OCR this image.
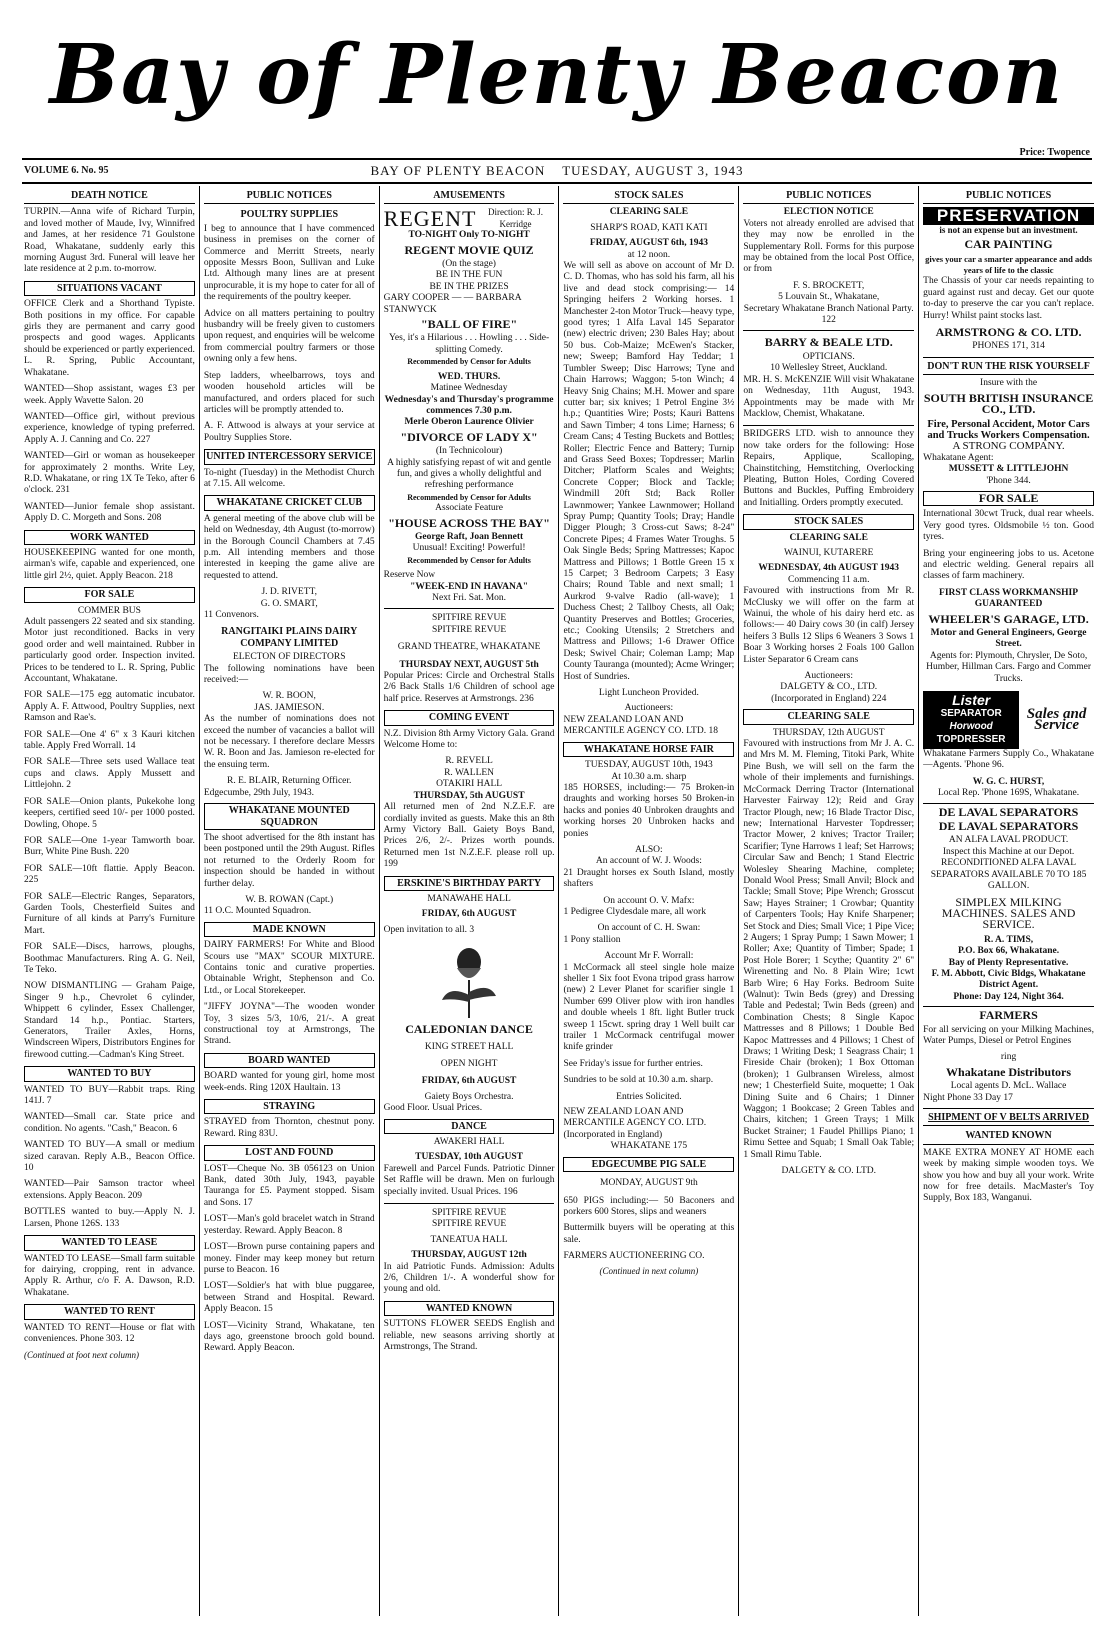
Bay of Plenty Beacon
VOLUME 6. No. 95	BAY OF PLENTY BEACON TUESDAY, AUGUST 3, 1943
Price: Twopence
DEATH NOTICE

TURPIN.—Anna wife of Richard Turpin, and loved mother of Maude, Ivy, Winnifred and James, at her residence 71 Goulstone Road, Whakatane, suddenly early this morning August 3rd. Funeral will leave her late residence at 2 p.m. to-morrow.

SITUATIONS VACANT

OFFICE Clerk and a Shorthand Typiste. Both positions in my office. For capable girls they are permanent and carry good prospects and good wages. Applicants should be experienced or partly experienced. L. R. Spring, Public Accountant, Whakatane.

WANTED—Shop assistant, wages £3 per week. Apply Wavette Salon. 20

WANTED—Office girl, without previous experience, knowledge of typing preferred. Apply A. J. Canning and Co. 227

WANTED—Girl or woman as housekeeper for approximately 2 months. Write Ley, R.D. Whakatane, or ring 1X Te Teko, after 6 o'clock. 231

WANTED—Junior female shop assistant. Apply D. C. Morgeth and Sons. 208

WORK WANTED

HOUSEKEEPING wanted for one month, airman's wife, capable and experienced, one little girl 2½, quiet. Apply Beacon. 218

FOR SALE
COMMER BUS

Adult passengers 22 seated and six standing. Motor just reconditioned. Backs in very good order and well maintained. Rubber in particularly good order. Inspection invited. Prices to be tendered to L. R. Spring, Public Accountant, Whakatane.

FOR SALE—175 egg automatic incubator. Apply A. F. Attwood, Poultry Supplies, next Ramson and Rae's.

FOR SALE—One 4' 6" x 3 Kauri kitchen table. Apply Fred Worrall. 14

FOR SALE—Three sets used Wallace teat cups and claws. Apply Mussett and Littlejohn. 2

FOR SALE—Onion plants, Pukekohe long keepers, certified seed 10/- per 1000 posted. Dowling, Ohope. 5

FOR SALE—One 1-year Tamworth boar. Burr, White Pine Bush. 220

FOR SALE—10ft flattie. Apply Beacon. 225

FOR SALE—Electric Ranges, Separators, Garden Tools, Chesterfield Suites and Furniture of all kinds at Parry's Furniture Mart.

FOR SALE—Discs, harrows, ploughs, Boothmac Manufacturers. Ring A. G. Neil, Te Teko.

NOW DISMANTLING — Graham Paige, Singer 9 h.p., Chevrolet 6 cylinder, Whippett 6 cylinder, Essex Challenger, Standard 14 h.p., Pontiac. Starters, Generators, Trailer Axles, Horns, Windscreen Wipers, Distributors Engines for firewood cutting.—Cadman's King Street.

WANTED TO BUY

WANTED TO BUY—Rabbit traps. Ring 141J. 7

WANTED—Small car. State price and condition. No agents. "Cash," Beacon. 6

WANTED TO BUY—A small or medium sized caravan. Reply A.B., Beacon Office. 10

WANTED—Pair Samson tractor wheel extensions. Apply Beacon. 209

BOTTLES wanted to buy.—Apply N. J. Larsen, Phone 126S. 133

WANTED TO LEASE

WANTED TO LEASE—Small farm suitable for dairying, cropping, rent in advance. Apply R. Arthur, c/o F. A. Dawson, R.D. Whakatane.

WANTED TO RENT

WANTED TO RENT—House or flat with conveniences. Phone 303. 12

(Continued at foot next column)
PUBLIC NOTICES
POULTRY SUPPLIES

I beg to announce that I have commenced business in premises on the corner of Commerce and Merritt Streets, nearly opposite Messrs Boon, Sullivan and Luke Ltd. Although many lines are at present unprocurable, it is my hope to cater for all of the requirements of the poultry keeper.

Advice on all matters pertaining to poultry husbandry will be freely given to customers upon request, and enquiries will be welcome from commercial poultry farmers or those owning only a few hens.

Step ladders, wheelbarrows, toys and wooden household articles will be manufactured, and orders placed for such articles will be promptly attended to.

A. F. Attwood is always at your service at Poultry Supplies Store.

UNITED INTERCESSORY SERVICE

To-night (Tuesday) in the Methodist Church at 7.15. All welcome.

WHAKATANE CRICKET CLUB

A general meeting of the above club will be held on Wednesday, 4th August (to-morrow) in the Borough Council Chambers at 7.45 p.m. All intending members and those interested in keeping the game alive are requested to attend.

J. D. RIVETT,
G. O. SMART,
11 Convenors.
RANGITAIKI PLAINS DAIRY COMPANY LIMITED
ELECTON OF DIRECTORS

The following nominations have been received:—

W. R. BOON,
JAS. JAMIESON.

As the number of nominations does not exceed the number of vacancies a ballot will not be necessary. I therefore declare Messrs W. R. Boon and Jas. Jamieson re-elected for the ensuing term.

R. E. BLAIR, Returning Officer.
Edgecumbe, 29th July, 1943.
WHAKATANE MOUNTED SQUADRON

The shoot advertised for the 8th instant has been postponed until the 29th August. Rifles not returned to the Orderly Room for inspection should be handed in without further delay.

W. B. ROWAN (Capt.)
11 O.C. Mounted Squadron.
MADE KNOWN

DAIRY FARMERS! For White and Blood Scours use "MAX" SCOUR MIXTURE. Contains tonic and curative properties. Obtainable Wright, Stephenson and Co. Ltd., or Local Storekeeper.

"JIFFY JOYNA"—The wooden wonder Toy, 3 sizes 5/3, 10/6, 21/-. A great constructional toy at Armstrongs, The Strand.

BOARD WANTED

BOARD wanted for young girl, home most week-ends. Ring 120X Haultain. 13

STRAYING

STRAYED from Thornton, chestnut pony. Reward. Ring 83U.

LOST AND FOUND

LOST—Cheque No. 3B 056123 on Union Bank, dated 30th July, 1943, payable Tauranga for £5. Payment stopped. Sisam and Sons. 17

LOST—Man's gold bracelet watch in Strand yesterday. Reward. Apply Beacon. 8

LOST—Brown purse containing papers and money. Finder may keep money but return purse to Beacon. 16

LOST—Soldier's hat with blue puggaree, between Strand and Hospital. Reward. Apply Beacon. 15

LOST—Vicinity Strand, Whakatane, ten days ago, greenstone brooch gold bound. Reward. Apply Beacon.

AMUSEMENTS
REGENT	Direction: R. J. Kerridge
TO-NIGHT Only TO-NIGHT
REGENT MOVIE QUIZ
(On the stage)
BE IN THE FUN
BE IN THE PRIZES
GARY COOPER — — BARBARA STANWYCK
"BALL OF FIRE"
Yes, it's a Hilarious . . . Howling . . . Side-splitting Comedy.
Recommended by Censor for Adults
WED. THURS.
Matinee Wednesday
Wednesday's and Thursday's programme commences 7.30 p.m.
Merle Oberon Laurence Olivier
"DIVORCE OF LADY X"
(In Technicolour)
A highly satisfying repast of wit and gentle fun, and gives a wholly delightful and refreshing performance
Recommended by Censor for Adults
Associate Feature
"HOUSE ACROSS THE BAY"
George Raft, Joan Bennett
Unusual! Exciting! Powerful!
Recommended by Censor for Adults
Reserve Now
"WEEK-END IN HAVANA"
Next Fri. Sat. Mon.
SPITFIRE REVUE
SPITFIRE REVUE
GRAND THEATRE, WHAKATANE
THURSDAY NEXT, AUGUST 5th

Popular Prices: Circle and Orchestral Stalls 2/6 Back Stalls 1/6 Children of school age half price. Reserves at Armstrongs. 236

COMING EVENT

N.Z. Division 8th Army Victory Gala. Grand Welcome Home to:

R. REVELL
R. WALLEN
OTAKIRI HALL
THURSDAY, 5th AUGUST

All returned men of 2nd N.Z.E.F. are cordially invited as guests. Make this an 8th Army Victory Ball. Gaiety Boys Band, Prices 2/6, 2/-. Prizes worth pounds. Returned men 1st N.Z.E.F. please roll up. 199

ERSKINE'S BIRTHDAY PARTY
MANAWAHE HALL
FRIDAY, 6th AUGUST
Open invitation to all. 3
CALEDONIAN DANCE
KING STREET HALL
OPEN NIGHT
FRIDAY, 6th AUGUST
Gaiety Boys Orchestra.
Good Floor. Usual Prices.
DANCE
AWAKERI HALL
TUESDAY, 10th AUGUST

Farewell and Parcel Funds. Patriotic Dinner Set Raffle will be drawn. Men on furlough specially invited. Usual Prices. 196

SPITFIRE REVUE
SPITFIRE REVUE
TANEATUA HALL
THURSDAY, AUGUST 12th

In aid Patriotic Funds. Admission: Adults 2/6, Children 1/-. A wonderful show for young and old.

WANTED KNOWN

SUTTONS FLOWER SEEDS English and reliable, new seasons arriving shortly at Armstrongs, The Strand.

STOCK SALES
CLEARING SALE
SHARP'S ROAD, KATI KATI
FRIDAY, AUGUST 6th, 1943
at 12 noon.

We will sell as above on account of Mr D. C. D. Thomas, who has sold his farm, all his live and dead stock comprising:— 14 Springing heifers 2 Working horses. 1 Manchester 2-ton Motor Truck—heavy type, good tyres; 1 Alfa Laval 145 Separator (new) electric driven; 230 Bales Hay; about 50 bus. Cob-Maize; McEwen's Stacker, new; Sweep; Bamford Hay Teddar; 1 Tumbler Sweep; Disc Harrows; Tyne and Chain Harrows; Waggon; 5-ton Winch; 4 Heavy Snig Chains; M.H. Mower and spare cutter bar; six knives; 1 Petrol Engine 3½ h.p.; Quantities Wire; Posts; Kauri Battens and Sawn Timber; 4 tons Lime; Harness; 6 Cream Cans; 4 Testing Buckets and Bottles; Roller; Electric Fence and Battery; Turnip and Grass Seed Boxes; Topdresser; Marlin Ditcher; Platform Scales and Weights; Concrete Copper; Block and Tackle; Windmill 20ft Std; Back Roller Lawnmower; Yankee Lawnmower; Holland Spray Pump; Quantity Tools; Dray; Handle Digger Plough; 3 Cross-cut Saws; 8-24" Concrete Pipes; 4 Frames Water Troughs. 5 Oak Single Beds; Spring Mattresses; Kapoc Mattress and Pillows; 1 Bottle Green 15 x 15 Carpet; 3 Bedroom Carpets; 3 Easy Chairs; Round Table and next small; 1 Aurkrod 9-valve Radio (all-wave); 1 Duchess Chest; 2 Tallboy Chests, all Oak; Quantity Preserves and Bottles; Groceries, etc.; Cooking Utensils; 2 Stretchers and Mattress and Pillows; 1-6 Drawer Office Desk; Swivel Chair; Coleman Lamp; Map County Tauranga (mounted); Acme Wringer; Host of Sundries.

Light Luncheon Provided.
Auctioneers:
NEW ZEALAND LOAN AND MERCANTILE AGENCY CO. LTD. 18
WHAKATANE HORSE FAIR
TUESDAY, AUGUST 10th, 1943
At 10.30 a.m. sharp

185 HORSES, including:— 75 Broken-in draughts and working horses 50 Broken-in hacks and ponies 40 Unbroken draughts and working horses 20 Unbroken hacks and ponies

ALSO:
An account of W. J. Woods:

21 Draught horses ex South Island, mostly shafters

On account O. V. Mafx:

1 Pedigree Clydesdale mare, all work

On account of C. H. Swan:

1 Pony stallion

Account Mr F. Worrall:

1 McCormack all steel single hole maize sheller 1 Six foot Evona tripod grass harrow (new) 2 Lever Planet for scarifier single 1 Number 699 Oliver plow with iron handles and double wheels 1 8ft. light Butler truck sweep 1 15cwt. spring dray 1 Well built car trailer 1 McCormack centrifugal mower knife grinder

See Friday's issue for further entries.

Sundries to be sold at 10.30 a.m. sharp.

Entries Solicited.
NEW ZEALAND LOAN AND MERCANTILE AGENCY CO. LTD. (Incorporated in England)
WHAKATANE 175
EDGECUMBE PIG SALE
MONDAY, AUGUST 9th

650 PIGS including:— 50 Baconers and porkers 600 Stores, slips and weaners

Buttermilk buyers will be operating at this sale.

FARMERS AUCTIONEERING CO.
(Continued in next column)
PUBLIC NOTICES
ELECTION NOTICE

Voters not already enrolled are advised that they may now be enrolled in the Supplementary Roll. Forms for this purpose may be obtained from the local Post Office, or from

F. S. BROCKETT,
5 Louvain St., Whakatane,
Secretary Whakatane Branch National Party. 122
BARRY & BEALE LTD.
OPTICIANS.
10 Wellesley Street, Auckland.

MR. H. S. McKENZIE Will visit Whakatane on Wednesday, 11th August, 1943. Appointments may be made with Mr Macklow, Chemist, Whakatane.

BRIDGERS LTD. wish to announce they now take orders for the following: Hose Repairs, Applique, Scalloping, Chainstitching, Hemstitching, Overlocking Pleating, Button Holes, Cording Covered Buttons and Buckles, Puffing Embroidery and Initialling. Orders promptly executed.

STOCK SALES
CLEARING SALE
WAINUI, KUTARERE
WEDNESDAY, 4th AUGUST 1943
Commencing 11 a.m.

Favoured with instructions from Mr R. McClusky we will offer on the farm at Wainui, the whole of his dairy herd etc. as follows:— 40 Dairy cows 30 (in calf) Jersey heifers 3 Bulls 12 Slips 6 Weaners 3 Sows 1 Boar 3 Working horses 2 Foals 100 Gallon Lister Separator 6 Cream cans

Auctioneers:
DALGETY & CO., LTD.
(Incorporated in England) 224
CLEARING SALE
THURSDAY, 12th AUGUST

Favoured with instructions from Mr J. A. C. and Mrs M. M. Fleming, Titoki Park, White Pine Bush, we will sell on the farm the whole of their implements and furnishings. McCormack Derring Tractor (International Harvester Fairway 12); Reid and Gray Tractor Plough, new; 16 Blade Tractor Disc, new; International Harvester Topdresser; Tractor Mower, 2 knives; Tractor Trailer; Scarifier; Tyne Harrows 1 leaf; Set Harrows; Circular Saw and Bench; 1 Stand Electric Wolesley Shearing Machine, complete; Donald Wool Press; Small Anvil; Block and Tackle; Small Stove; Pipe Wrench; Grosscut Saw; Hayes Strainer; 1 Crowbar; Quantity of Carpenters Tools; Hay Knife Sharpener; Set Stock and Dies; Small Vice; 1 Pipe Vice; 2 Augers; 1 Spray Pump; 1 Sawn Mower; 1 Roller; Axe; Quantity of Timber; Spade; 1 Post Hole Borer; 1 Scythe; Quantity 2" 6" Wirenetting and No. 8 Plain Wire; 1cwt Barb Wire; 6 Hay Forks. Bedroom Suite (Walnut): Twin Beds (grey) and Dressing Table and Pedestal; Twin Beds (green) and Combination Chests; 8 Single Kapoc Mattresses and 8 Pillows; 1 Double Bed Kapoc Mattresses and 4 Pillows; 1 Chest of Draws; 1 Writing Desk; 1 Seagrass Chair; 1 Fireside Chair (broken); 1 Box Ottoman (broken); 1 Gulbransen Wireless, almost new; 1 Chesterfield Suite, moquette; 1 Oak Dining Suite and 6 Chairs; 1 Dinner Waggon; 1 Bookcase; 2 Green Tables and Chairs, kitchen; 1 Green Trays; 1 Milk Bucket Strainer; 1 Faudel Phillips Piano; 1 Rimu Settee and Squab; 1 Small Oak Table; 1 Small Rimu Table.

DALGETY & CO. LTD.
PUBLIC NOTICES
PRESERVATION
is not an expense but an investment.
CAR PAINTING
gives your car a smarter appearance and adds years of life to the classic

The Chassis of your car needs repainting to guard against rust and decay. Get our quote to-day to preserve the car you can't replace. Hurry! Whilst paint stocks last.

ARMSTRONG & CO. LTD.
PHONES 171, 314
DON'T RUN THE RISK YOURSELF
Insure with the
SOUTH BRITISH INSURANCE CO., LTD.
Fire, Personal Accident, Motor Cars and Trucks Workers Compensation.
A STRONG COMPANY.
Whakatane Agent:
MUSSETT & LITTLEJOHN
'Phone 344.
FOR SALE

International 30cwt Truck, dual rear wheels. Very good tyres. Oldsmobile ½ ton. Good tyres.

Bring your engineering jobs to us. Acetone and electric welding. General repairs all classes of farm machinery.

FIRST CLASS WORKMANSHIP GUARANTEED
WHEELER'S GARAGE, LTD.
Motor and General Engineers, George Street.
Agents for: Plymouth, Chrysler, De Soto, Humber, Hillman Cars. Fargo and Commer Trucks.
Lister
SEPARATOR
Horwood
TOPDRESSER
Sales and Service

Whakatane Farmers Supply Co., Whakatane—Agents. 'Phone 96.

W. G. C. HURST,
Local Rep. 'Phone 169S, Whakatane.
DE LAVAL SEPARATORS
DE LAVAL SEPARATORS
AN ALFA LAVAL PRODUCT.
Inspect this Machine at our Depot.
RECONDITIONED ALFA LAVAL SEPARATORS AVAILABLE 70 TO 185 GALLON.
SIMPLEX MILKING MACHINES. SALES AND SERVICE.
R. A. TIMS,
P.O. Box 66, Whakatane.
Bay of Plenty Representative.
F. M. Abbott, Civic Bldgs, Whakatane District Agent.
Phone: Day 124, Night 364.
FARMERS

For all servicing on your Milking Machines, Water Pumps, Diesel or Petrol Engines

ring
Whakatane Distributors
Local agents D. McL. Wallace
Night Phone 33 Day 17
SHIPMENT OF V BELTS ARRIVED
WANTED KNOWN

MAKE EXTRA MONEY AT HOME each week by making simple wooden toys. We show you how and buy all your work. Write now for free details. MacMaster's Toy Supply, Box 183, Wanganui.
